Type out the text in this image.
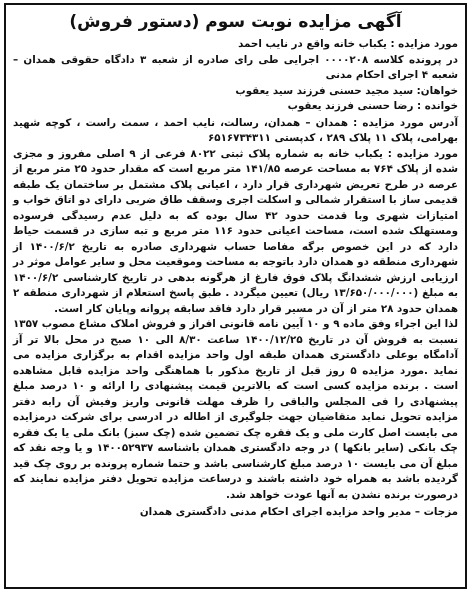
آگهی مزایده نوبت سوم (دستور فروش)

مورد مزایده : یکباب خانه واقع در نایب احمد

در پرونده کلاسه ۰۰۰۰۲۰۸ اجرایی طی رای صادره از شعبه ۳ دادگاه حقوقی همدان – شعبه ۴ اجرای احکام مدنی

خواهان: سید مجید حسنی فرزند سید یعقوب

خوانده : رضا حسنی فرزند یعقوب

آدرس مورد مزایده : همدان – همدان، رسالت، نایب احمد ، سمت راست ، کوچه شهید بهرامی، پلاک ۱۱ پلاک ۲۸۹ ، کدپستی ۶۵۱۶۷۳۴۳۱۱

مورد مزایده : یکباب خانه به شماره پلاک ثبتی ۸۰۲۲ فرعی از ۹ اصلی مفروز و مجزی شده از پلاک ۷۶۴ به مساحت عرصه ۱۴۱/۸۵ متر مربع است که مقدار حدود ۲۵ متر مربع از عرصه در طرح تعریض شهرداری قرار دارد ، اعیانی پلاک مشتمل بر ساختمان یک طبقه قدیمی ساز با استقرار شمالی و اسکلت اجری وسقف طاق ضربی دارای دو اتاق خواب و امتیازات شهری وبا قدمت حدود ۴۲ سال بوده که به دلیل عدم رسیدگی فرسوده ومستهلک شده است، مساحت اعیانی حدود ۱۱۶ متر مربع و تبه سازی در قسمت حیاط دارد که در این خصوص برگه مفاصا حساب شهرداری صادره به تاریخ ۱۴۰۰/۶/۲ از شهرداری منطقه دو همدان دارد باتوجه به مساحت وموقعیت محل و سایر عوامل موثر در ارزیابی ارزش ششدانگ پلاک فوق فارغ از هرگونه بدهی در تاریخ کارشناسی ۱۴۰۰/۶/۲ به مبلغ (۱۳/۶۵۰/۰۰۰/۰۰۰ ریال) تعیین میگردد . طبق پاسخ استعلام از شهرداری منطقه ۲ همدان حدود ۲۸ متر از آن در مسیر قرار دارد فاقد سابقه پروانه وپایان کار است.

لذا این اجراء وفق ماده ۹ و ۱۰ آیین نامه قانونی افراز و فروش املاک مشاع مصوب ۱۳۵۷ نسبت به فروش آن در تاریخ ۱۴۰۰/۱۲/۲۵ ساعت ۸/۳۰ الی ۱۰ صبح در محل بالا تر آز آدامگاه بوعلی دادگستری همدان طبقه اول واحد مزایده اقدام به برگزاری مزایده می نماید .مورد مزایده ۵ روز قبل از تاریخ مذکور با هماهنگی واحد مزایده قابل مشاهده است . برنده مزایده کسی است که بالاترین قیمت پیشنهادی را ارائه و ۱۰ درصد مبلغ پیشنهادی را فی المجلس والباقی را ظرف مهلت قانونی واریز وفیش آن رابه دفتر مزایده تحویل نماید متقاضیان جهت جلوگیری از اطاله در ادرسی برای شرکت درمزایده می بایست اصل کارت ملی و یک فقره چک تضمین شده (چک سبز) بانک ملی یا یک فقره چک بانکی (سایر بانکها ) در وجه دادگستری همدان باشناسه ۱۴۰۰۵۲۹۳۷ و یا وجه نقد که مبلغ آن می بایست ۱۰ درصد مبلغ کارشناسی باشد و حتما شماره پرونده بر روی چک قید گردیده باشد به همراه خود داشته باشند و درساعت مزایده تحویل دفتر مزایده نمایند که درصورت برنده نشدن به آنها عودت خواهد شد.

مزجات – مدیر واحد مزایده اجرای احکام مدنی دادگستری همدان
